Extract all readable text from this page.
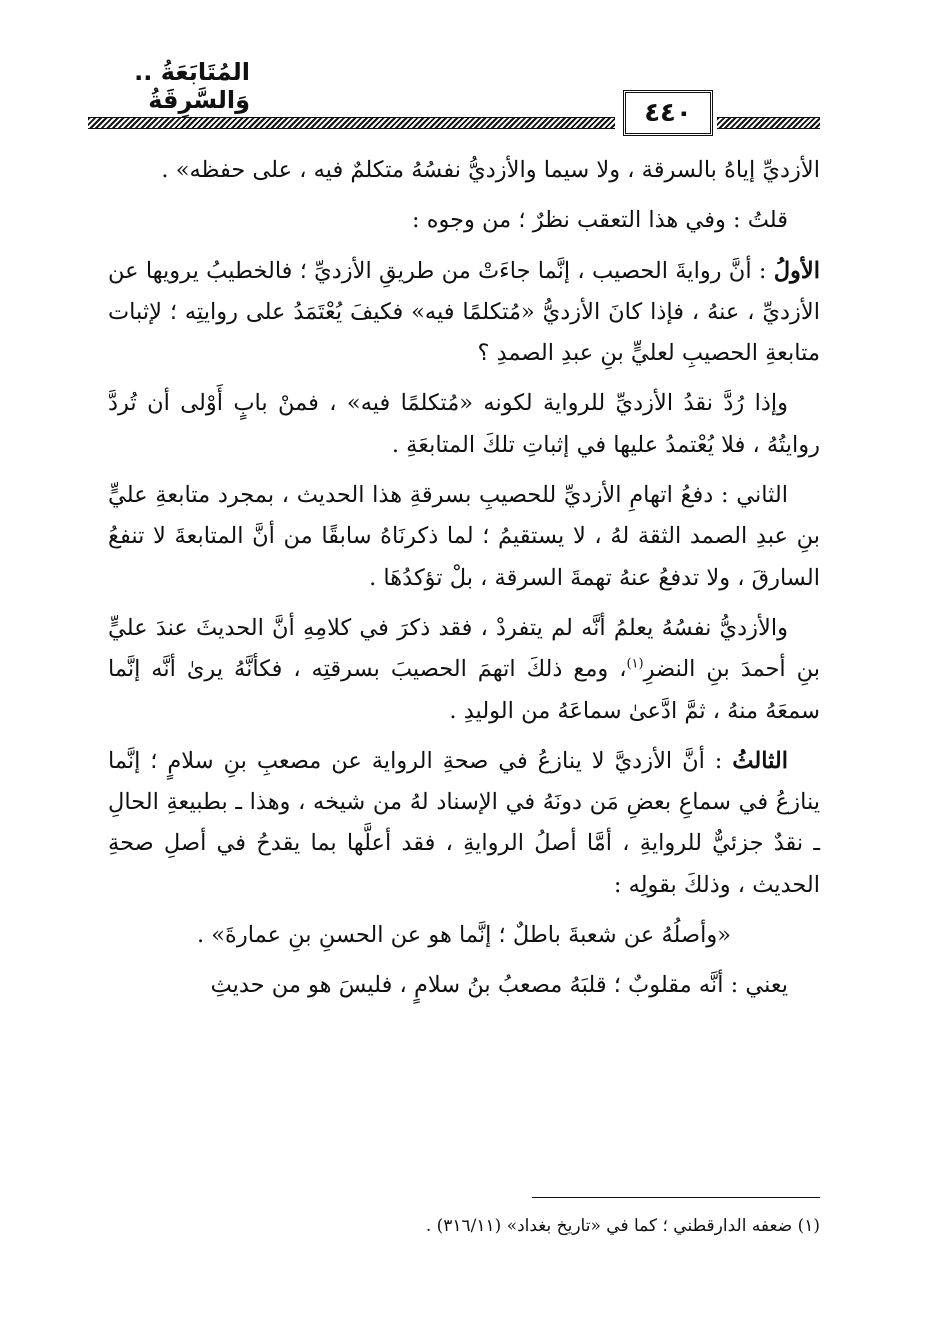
المُتَابَعَةُ .. وَالسَّرِقَةُ	٤٤٠

الأزديِّ إياهُ بالسرقة ، ولا سيما والأزديُّ نفسُهُ متكلمٌ فيه ، على حفظه» .

قلتُ : وفي هذا التعقب نظرٌ ؛ من وجوه :

الأولُ : أنَّ روايةَ الحصيب ، إنَّما جاءَتْ من طريقِ الأزديِّ ؛ فالخطيبُ يرويها عن الأزديِّ ، عنهُ ، فإذا كانَ الأزديُّ «مُتكلمًا فيه» فكيفَ يُعْتَمَدُ على روايتِه ؛ لإثبات متابعةِ الحصيبِ لعليٍّ بنِ عبدِ الصمدِ ؟

وإذا رُدَّ نقدُ الأزديِّ للرواية لكونه «مُتكلمًا فيه» ، فمنْ بابٍ أَوْلى أن تُردَّ روايتُهُ ، فلا يُعْتمدُ عليها في إثباتِ تلكَ المتابعَةِ .

الثاني : دفعُ اتهامِ الأزديِّ للحصيبِ بسرقةِ هذا الحديث ، بمجرد متابعةِ عليٍّ بنِ عبدِ الصمد الثقة لهُ ، لا يستقيمُ ؛ لما ذكرنَاهُ سابقًا من أنَّ المتابعةَ لا تنفعُ السارقَ ، ولا تدفعُ عنهُ تهمةَ السرقة ، بلْ تؤكدُهَا .

والأزديُّ نفسُهُ يعلمُ أنَّه لم يتفردْ ، فقد ذكرَ في كلامِهِ أنَّ الحديثَ عندَ عليٍّ بنِ أحمدَ بنِ النضرِ$^{(١)}$، ومع ذلكَ اتهمَ الحصيبَ بسرقتِه ، فكأنَّهُ يرىٰ أنَّه إنَّما سمعَهُ منهُ ، ثمَّ ادَّعىٰ سماعَهُ من الوليدِ .

الثالثُ : أنَّ الأزديَّ لا ينازعُ في صحةِ الرواية عن مصعبِ بنِ سلامٍ ؛ إنَّما ينازعُ في سماعِ بعضِ مَن دونَهُ في الإسناد لهُ من شيخه ، وهذا ـ بطبيعةِ الحالِ ـ نقدٌ جزئيٌّ للروايةِ ، أمَّا أصلُ الروايةِ ، فقد أعلَّها بما يقدحُ في أصلِ صحةِ الحديث ، وذلكَ بقولِه :

«وأصلُهُ عن شعبةَ باطلٌ ؛ إنَّما هو عن الحسنِ بنِ عمارةَ» .

يعني : أنَّه مقلوبٌ ؛ قلبَهُ مصعبُ بنُ سلامٍ ، فليسَ هو من حديثِ

(١) ضعفه الدارقطني ؛ كما في «تاريخ بغداد» (٣١٦/١١) .
